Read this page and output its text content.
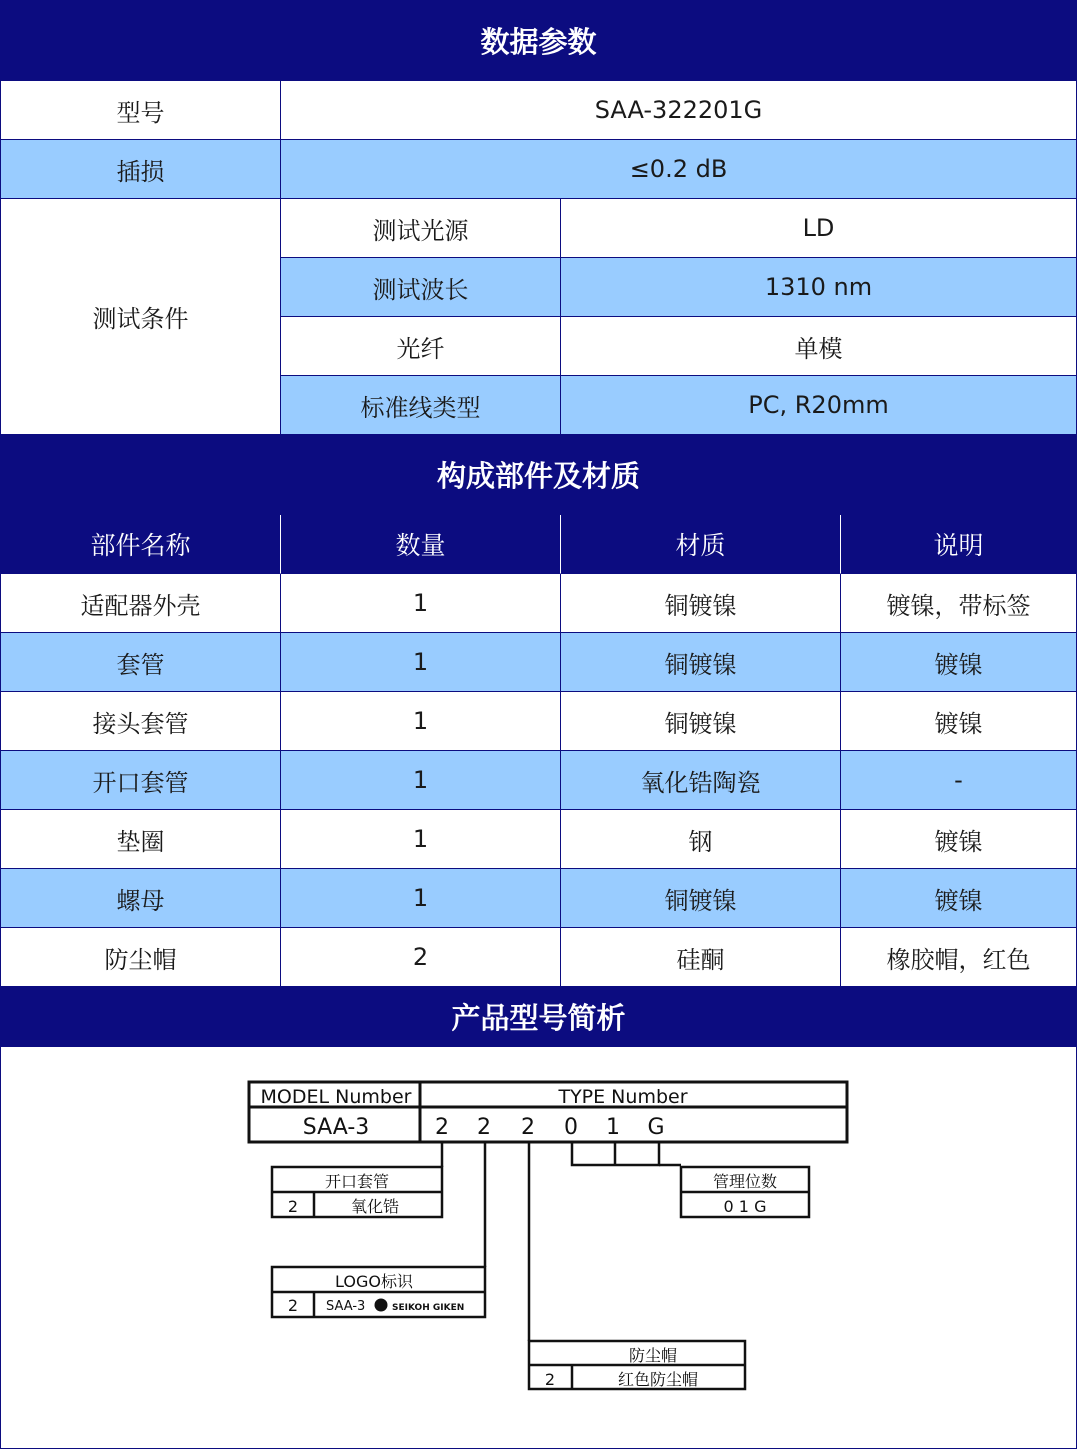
数据参数
型号	SAA-322201G
插损	≤0.2 dB
测试条件
测试光源	LD
测试波长	1310 nm
光纤	单模
标准线类型	PC, R20mm
构成部件及材质
部件名称	数量	材质	说明
适配器外壳	1	铜镀镍	镀镍，带标签
套管	1	铜镀镍	镀镍
接头套管	1	铜镀镍	镀镍
开口套管	1	氧化锆陶瓷	-
垫圈	1	钢	镀镍
螺母	1	铜镀镍	镀镍
防尘帽	2	硅酮	橡胶帽，红色
产品型号简析
MODEL Number	TYPE Number
SAA-3	2 2 2 0 1 G
开口套管
2	氧化锆
LOGO标识
2 SAA-3	SEIKOH GIKEN
防尘帽
2	红色防尘帽
管理位数
0 1 G
